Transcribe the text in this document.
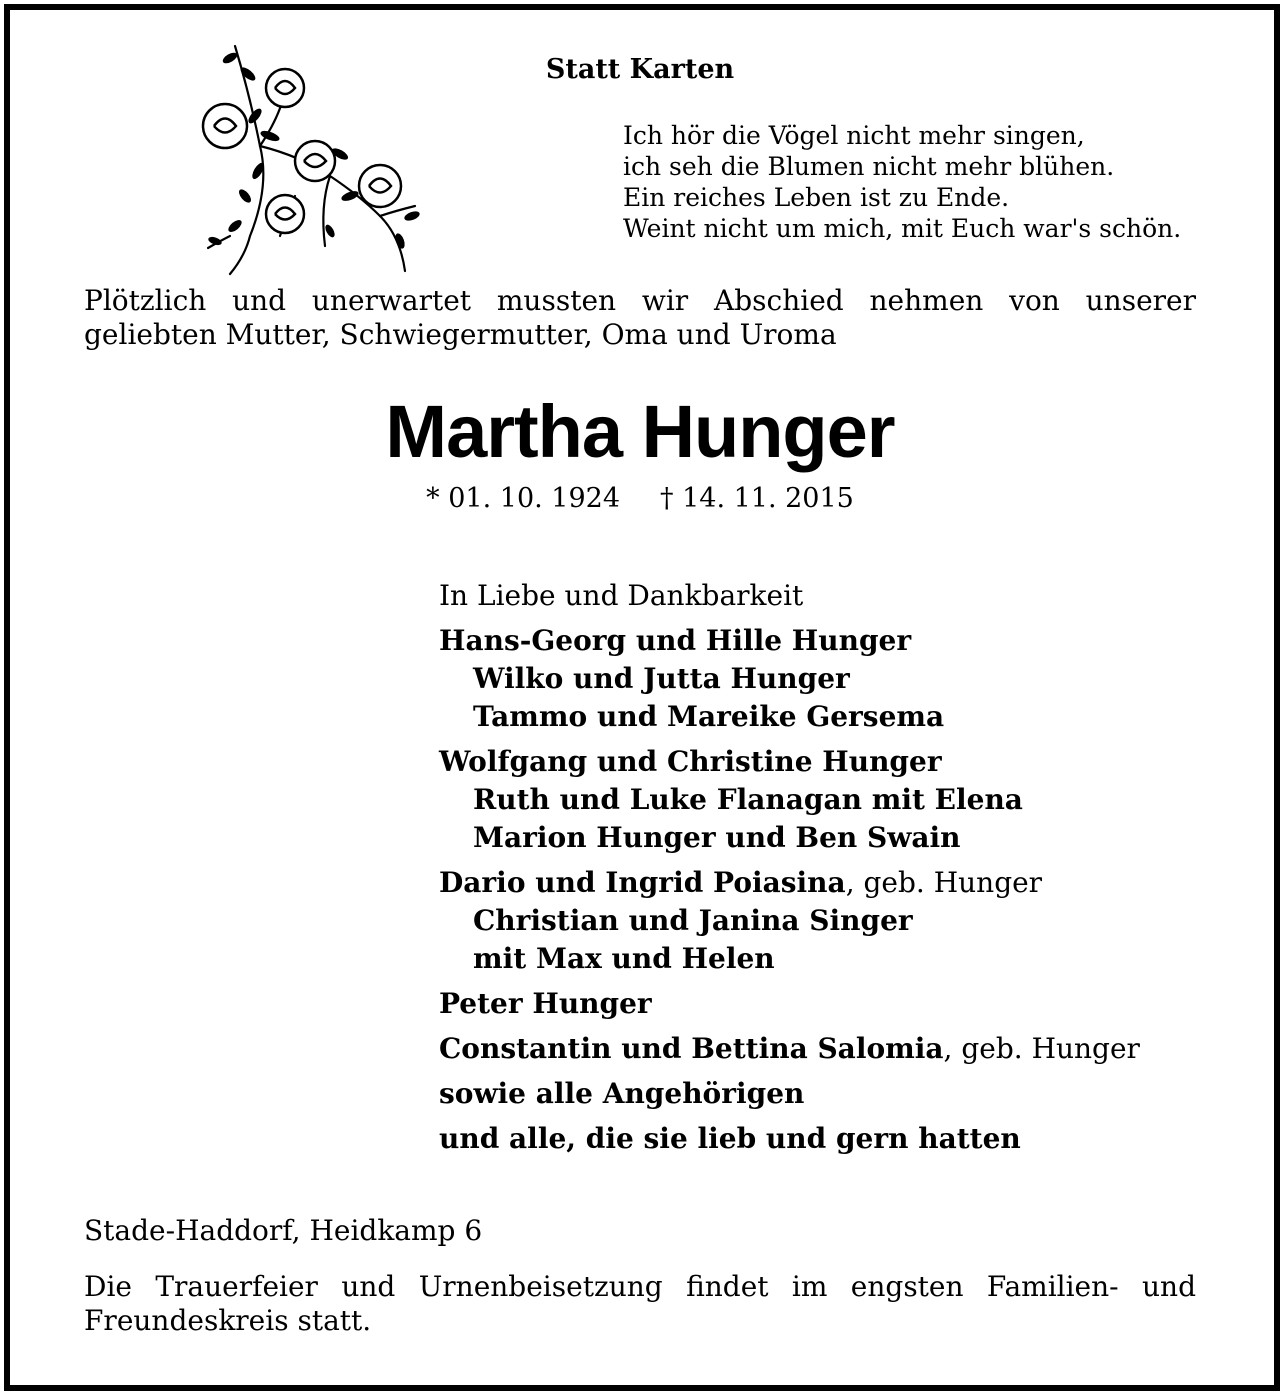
Statt Karten
Ich hör die Vögel nicht mehr singen,
ich seh die Blumen nicht mehr blühen.
Ein reiches Leben ist zu Ende.
Weint nicht um mich, mit Euch war's schön.
Plötzlich und unerwartet mussten wir Abschied nehmen von unserer
geliebten Mutter, Schwiegermutter, Oma und Uroma
Martha Hunger
* 01. 10. 1924 † 14. 11. 2015
In Liebe und Dankbarkeit
Hans-Georg und Hille Hunger
Wilko und Jutta Hunger
Tammo und Mareike Gersema
Wolfgang und Christine Hunger
Ruth und Luke Flanagan mit Elena
Marion Hunger und Ben Swain
Dario und Ingrid Poiasina, geb. Hunger
Christian und Janina Singer
mit Max und Helen
Peter Hunger
Constantin und Bettina Salomia, geb. Hunger
sowie alle Angehörigen
und alle, die sie lieb und gern hatten
Stade-Haddorf, Heidkamp 6
Die Trauerfeier und Urnenbeisetzung findet im engsten Familien- und
Freundeskreis statt.
